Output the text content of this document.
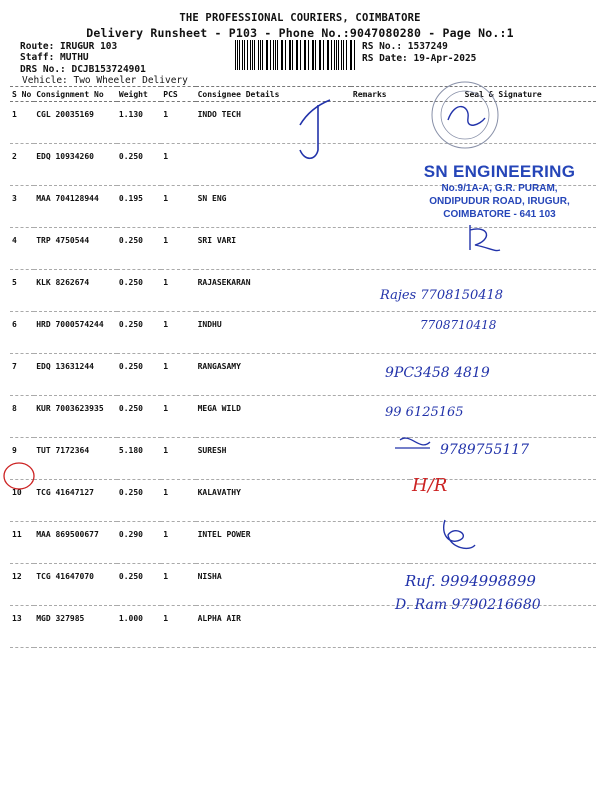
THE PROFESSIONAL COURIERS, COIMBATORE
Delivery Runsheet - P103 - Phone No.:9047080280 - Page No.:1
Route: IRUGUR 103
Staff: MUTHU
DRS No.: DCJB153724901
Vehicle: Two Wheeler Delivery
RS No.: 1537249
RS Date: 19-Apr-2025
S No	Consignment No	Weight	PCS	Consignee Details	Remarks	Seal & Signature
1	CGL 20035169	1.130	1	INDO TECH		
2	EDQ 10934260	0.250	1			
3	MAA 704128944	0.195	1	SN ENG		
4	TRP 4750544	0.250	1	SRI VARI		
5	KLK 8262674	0.250	1	RAJASEKARAN		
6	HRD 7000574244	0.250	1	INDHU		
7	EDQ 13631244	0.250	1	RANGASAMY		
8	KUR 7003623935	0.250	1	MEGA WILD		
9	TUT 7172364	5.180	1	SURESH		
10	TCG 41647127	0.250	1	KALAVATHY		
11	MAA 869500677	0.290	1	INTEL POWER		
12	TCG 41647070	0.250	1	NISHA		
13	MGD 327985	1.000	1	ALPHA AIR		
SN ENGINEERING
No.9/1A-A, G.R. PURAM,
ONDIPUDUR ROAD, IRUGUR,
COIMBATORE - 641 103
Rajes 7708150418
7708710418
9PC3458 4819
99 6125165
9789755117
H/R
Ruf. 9994998899
D. Ram 9790216680
